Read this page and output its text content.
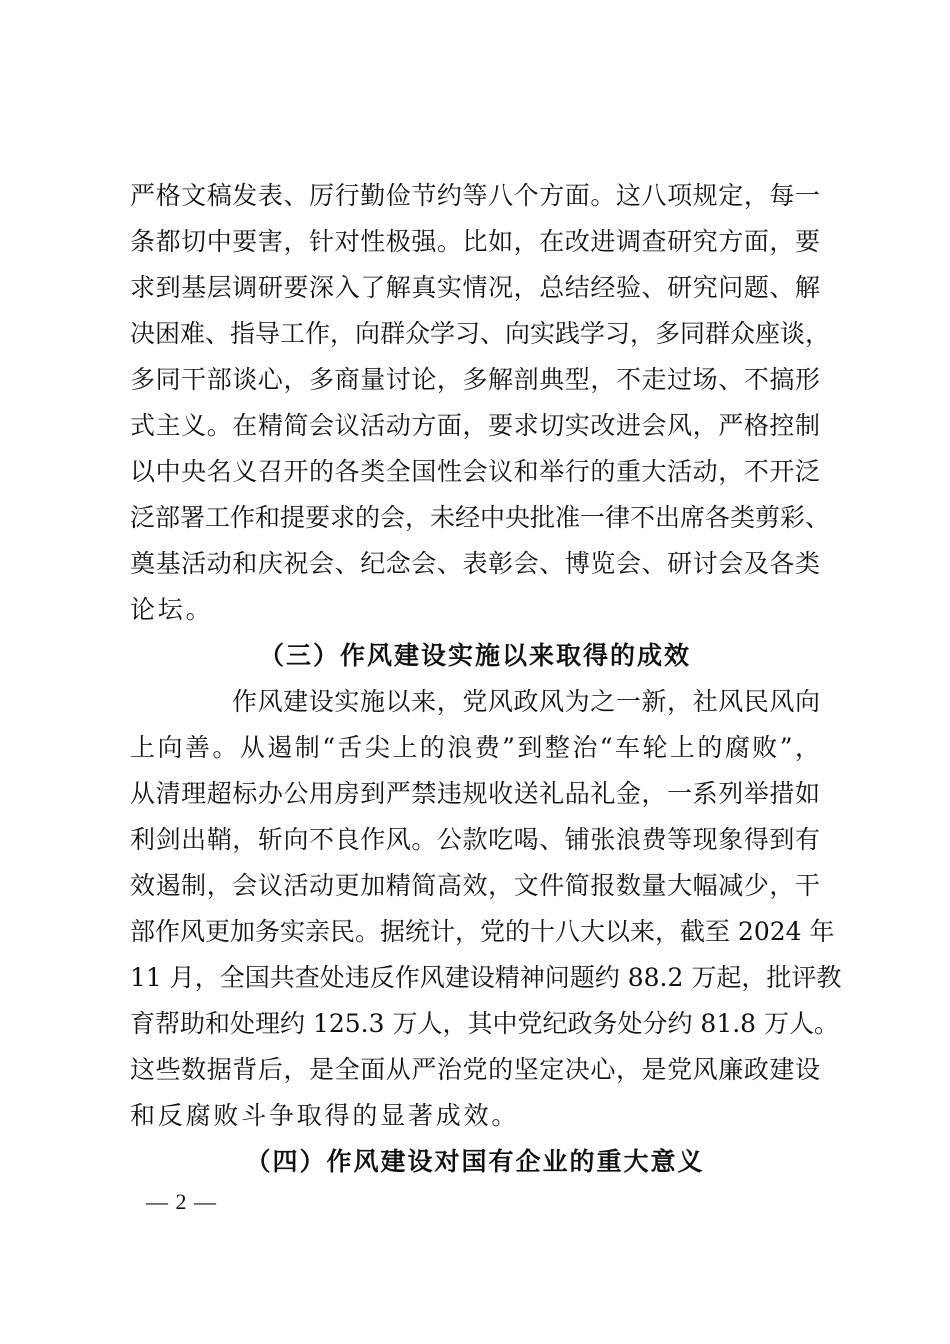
严格文稿发表、厉行勤俭节约等八个方面。这八项规定，每一
条都切中要害，针对性极强。比如，在改进调查研究方面，要
求到基层调研要深入了解真实情况，总结经验、研究问题、解
决困难、指导工作，向群众学习、向实践学习，多同群众座谈，
多同干部谈心，多商量讨论，多解剖典型，不走过场、不搞形
式主义。在精简会议活动方面，要求切实改进会风，严格控制
以中央名义召开的各类全国性会议和举行的重大活动，不开泛
泛部署工作和提要求的会，未经中央批准一律不出席各类剪彩、
奠基活动和庆祝会、纪念会、表彰会、博览会、研讨会及各类
论坛。
（三）作风建设实施以来取得的成效
作风建设实施以来，党风政风为之一新，社风民风向
上向善。从遏制“舌尖上的浪费”到整治“车轮上的腐败”，
从清理超标办公用房到严禁违规收送礼品礼金，一系列举措如
利剑出鞘，斩向不良作风。公款吃喝、铺张浪费等现象得到有
效遏制，会议活动更加精简高效，文件简报数量大幅减少，干
部作风更加务实亲民。据统计，党的十八大以来，截至 2024 年
11 月，全国共查处违反作风建设精神问题约 88.2 万起，批评教
育帮助和处理约 125.3 万人，其中党纪政务处分约 81.8 万人。
这些数据背后，是全面从严治党的坚定决心，是党风廉政建设
和反腐败斗争取得的显著成效。
（四）作风建设对国有企业的重大意义
— 2 —
